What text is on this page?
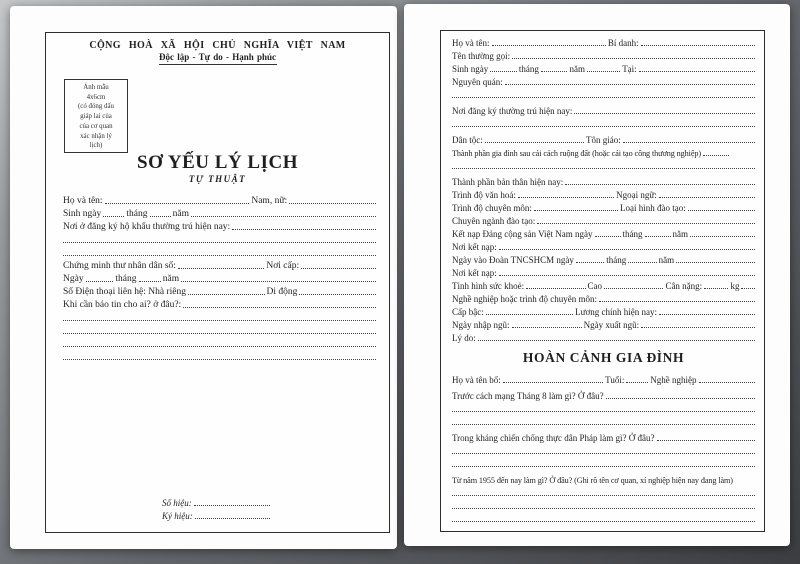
CỘNG HOÀ XÃ HỘI CHỦ NGHĨA VIỆT NAM
Độc lập - Tự do - Hạnh phúc
Ảnh mẫu
4x6cm
(có đóng dấu
giáp lai của
của cơ quan
xác nhận lý
lịch)
SƠ YẾU LÝ LỊCH
TỰ THUẬT
Họ và tên:	Nam, nữ:
Sinh ngày	tháng	năm
Nơi ở đăng ký hộ khẩu thường trú hiện nay:
Chứng minh thư nhân dân số:	Nơi cấp:
Ngày	tháng	năm
Số Điện thoại liên hệ: Nhà riêng	Di động
Khi cần báo tin cho ai? ở đâu?:
Số hiệu:
Ký hiệu:
Họ và tên:	Bí danh:
Tên thường gọi:
Sinh ngày	tháng	năm	Tại:
Nguyên quán:
Nơi đăng ký thường trú hiện nay:
Dân tộc:	Tôn giáo:
Thành phần gia đình sau cải cách ruộng đất (hoặc cải tạo công thương nghiệp)
Thành phần bản thân hiện nay:
Trình độ văn hoá:	Ngoại ngữ:
Trình độ chuyên môn:	Loại hình đào tạo:
Chuyên ngành đào tạo:
Kết nạp Đảng cộng sản Việt Nam ngày	tháng	năm
Nơi kết nạp:
Ngày vào Đoàn TNCSHCM ngày	tháng	năm
Nơi kết nạp:
Tình hình sức khoẻ:	Cao	Cân nặng:	kg
Nghề nghiệp hoặc trình độ chuyên môn:
Cấp bậc:	Lương chính hiện nay:
Ngày nhập ngũ:	Ngày xuất ngũ:
Lý do:
HOÀN CẢNH GIA ĐÌNH
Họ và tên bố:	Tuổi:	Nghề nghiệp
Trước cách mạng Tháng 8 làm gì? Ở đâu?
Trong kháng chiến chống thực dân Pháp làm gì? Ở đâu?
Từ năm 1955 đến nay làm gì? Ở đâu? (Ghi rõ tên cơ quan, xí nghiệp hiện nay đang làm)
